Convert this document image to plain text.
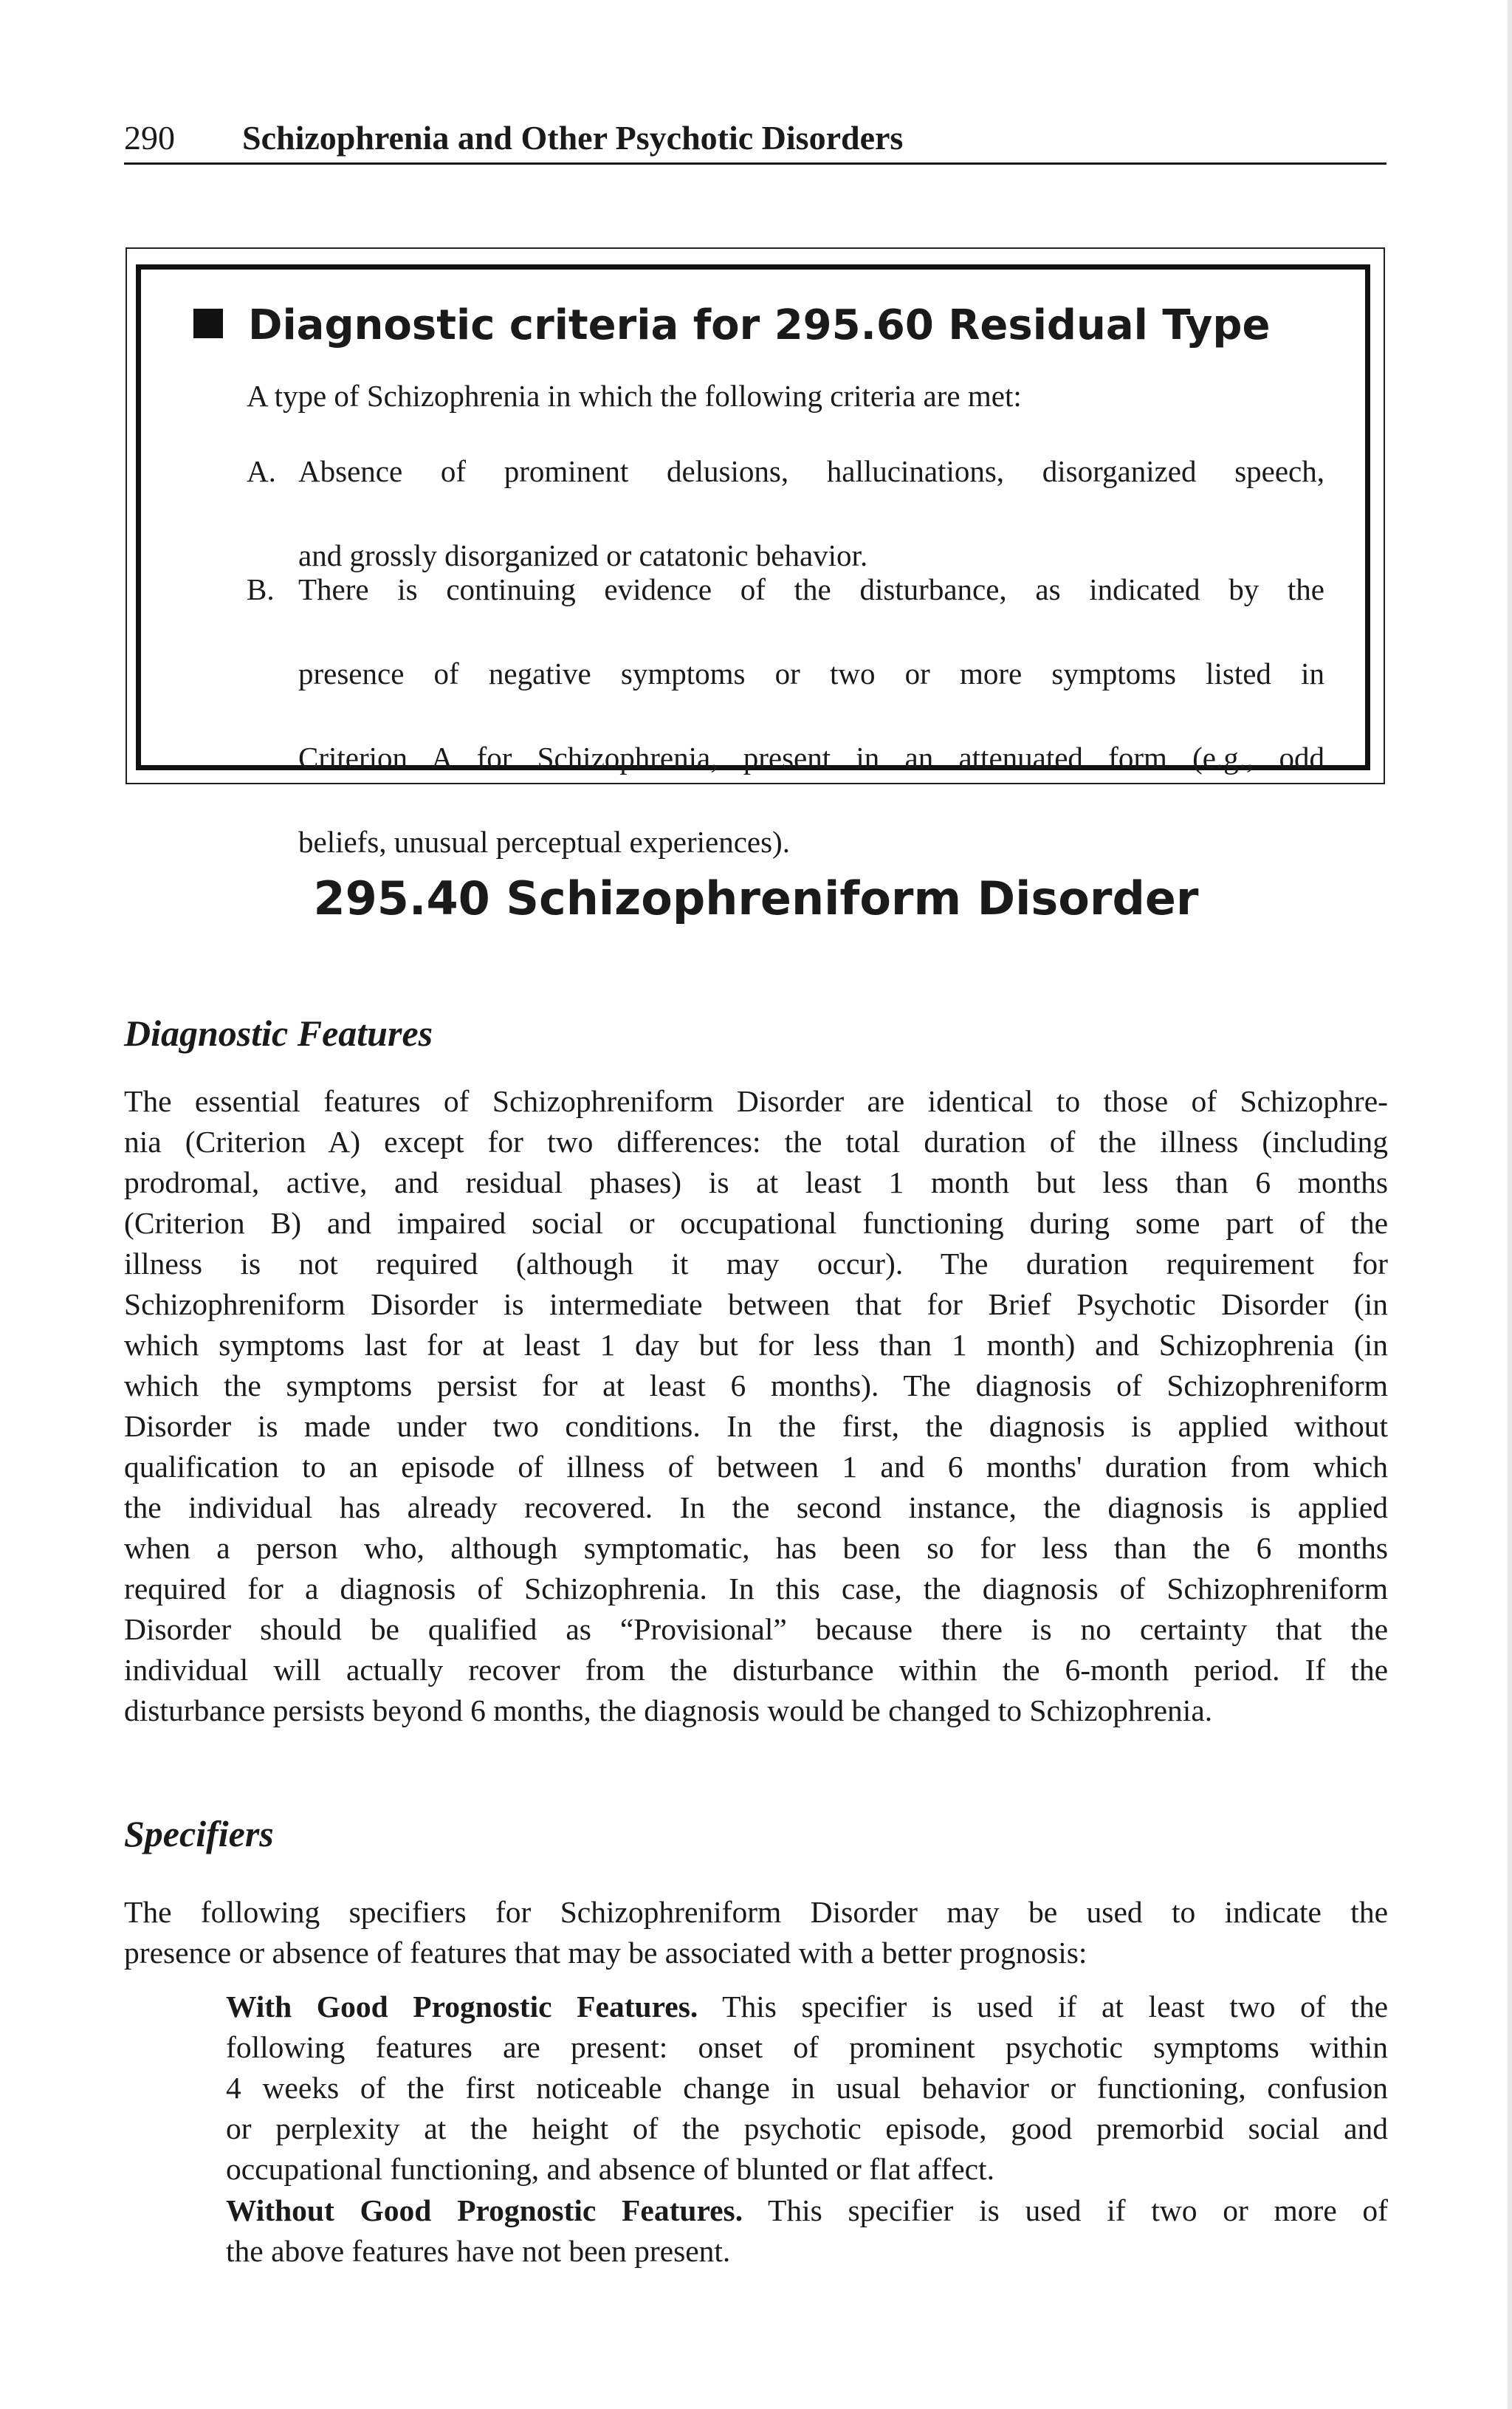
290 Schizophrenia and Other Psychotic Disorders
Diagnostic criteria for 295.60 Residual Type
A type of Schizophrenia in which the following criteria are met:
A. Absence of prominent delusions, hallucinations, disorganized speech,
and grossly disorganized or catatonic behavior.
B. There is continuing evidence of the disturbance, as indicated by the
presence of negative symptoms or two or more symptoms listed in
Criterion A for Schizophrenia, present in an attenuated form (e.g., odd
beliefs, unusual perceptual experiences).
295.40 Schizophreniform Disorder
Diagnostic Features
The essential features of Schizophreniform Disorder are identical to those of Schizophre-
nia (Criterion A) except for two differences: the total duration of the illness (including
prodromal, active, and residual phases) is at least 1 month but less than 6 months
(Criterion B) and impaired social or occupational functioning during some part of the
illness is not required (although it may occur). The duration requirement for
Schizophreniform Disorder is intermediate between that for Brief Psychotic Disorder (in
which symptoms last for at least 1 day but for less than 1 month) and Schizophrenia (in
which the symptoms persist for at least 6 months). The diagnosis of Schizophreniform
Disorder is made under two conditions. In the first, the diagnosis is applied without
qualification to an episode of illness of between 1 and 6 months' duration from which
the individual has already recovered. In the second instance, the diagnosis is applied
when a person who, although symptomatic, has been so for less than the 6 months
required for a diagnosis of Schizophrenia. In this case, the diagnosis of Schizophreniform
Disorder should be qualified as “Provisional” because there is no certainty that the
individual will actually recover from the disturbance within the 6-month period. If the
disturbance persists beyond 6 months, the diagnosis would be changed to Schizophrenia.
Specifiers
The following specifiers for Schizophreniform Disorder may be used to indicate the
presence or absence of features that may be associated with a better prognosis:
With Good Prognostic Features. This specifier is used if at least two of the
following features are present: onset of prominent psychotic symptoms within
4 weeks of the first noticeable change in usual behavior or functioning, confusion
or perplexity at the height of the psychotic episode, good premorbid social and
occupational functioning, and absence of blunted or flat affect.
Without Good Prognostic Features. This specifier is used if two or more of
the above features have not been present.
